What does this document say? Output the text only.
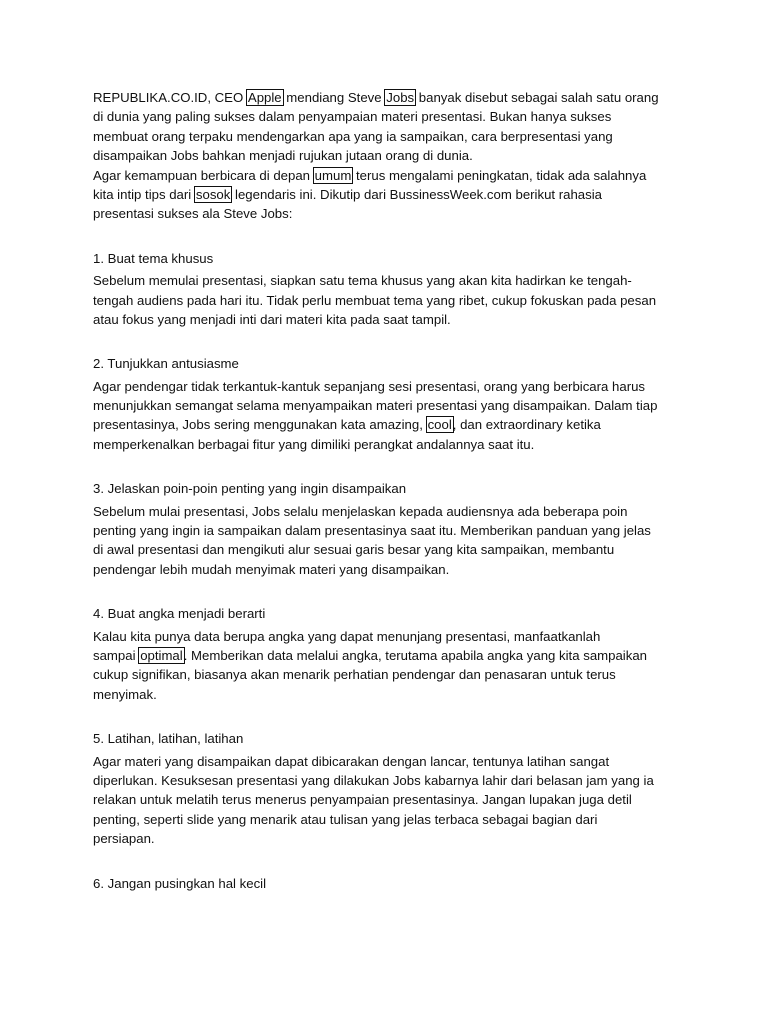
REPUBLIKA.CO.ID, CEO Apple mendiang Steve Jobs banyak disebut sebagai salah satu orang
di dunia yang paling sukses dalam penyampaian materi presentasi. Bukan hanya sukses
membuat orang terpaku mendengarkan apa yang ia sampaikan, cara berpresentasi yang
disampaikan Jobs bahkan menjadi rujukan jutaan orang di dunia.
Agar kemampuan berbicara di depan umum terus mengalami peningkatan, tidak ada salahnya
kita intip tips dari sosok legendaris ini. Dikutip dari BussinessWeek.com berikut rahasia
presentasi sukses ala Steve Jobs:
1. Buat tema khusus
Sebelum memulai presentasi, siapkan satu tema khusus yang akan kita hadirkan ke tengah-
tengah audiens pada hari itu. Tidak perlu membuat tema yang ribet, cukup fokuskan pada pesan
atau fokus yang menjadi inti dari materi kita pada saat tampil.
2. Tunjukkan antusiasme
Agar pendengar tidak terkantuk-kantuk sepanjang sesi presentasi, orang yang berbicara harus
menunjukkan semangat selama menyampaikan materi presentasi yang disampaikan. Dalam tiap
presentasinya, Jobs sering menggunakan kata amazing, cool, dan extraordinary ketika
memperkenalkan berbagai fitur yang dimiliki perangkat andalannya saat itu.
3. Jelaskan poin-poin penting yang ingin disampaikan
Sebelum mulai presentasi, Jobs selalu menjelaskan kepada audiensnya ada beberapa poin
penting yang ingin ia sampaikan dalam presentasinya saat itu. Memberikan panduan yang jelas
di awal presentasi dan mengikuti alur sesuai garis besar yang kita sampaikan, membantu
pendengar lebih mudah menyimak materi yang disampaikan.
4. Buat angka menjadi berarti
Kalau kita punya data berupa angka yang dapat menunjang presentasi, manfaatkanlah
sampai optimal. Memberikan data melalui angka, terutama apabila angka yang kita sampaikan
cukup signifikan, biasanya akan menarik perhatian pendengar dan penasaran untuk terus
menyimak.
5. Latihan, latihan, latihan
Agar materi yang disampaikan dapat dibicarakan dengan lancar, tentunya latihan sangat
diperlukan. Kesuksesan presentasi yang dilakukan Jobs kabarnya lahir dari belasan jam yang ia
relakan untuk melatih terus menerus penyampaian presentasinya. Jangan lupakan juga detil
penting, seperti slide yang menarik atau tulisan yang jelas terbaca sebagai bagian dari
persiapan.
6. Jangan pusingkan hal kecil
